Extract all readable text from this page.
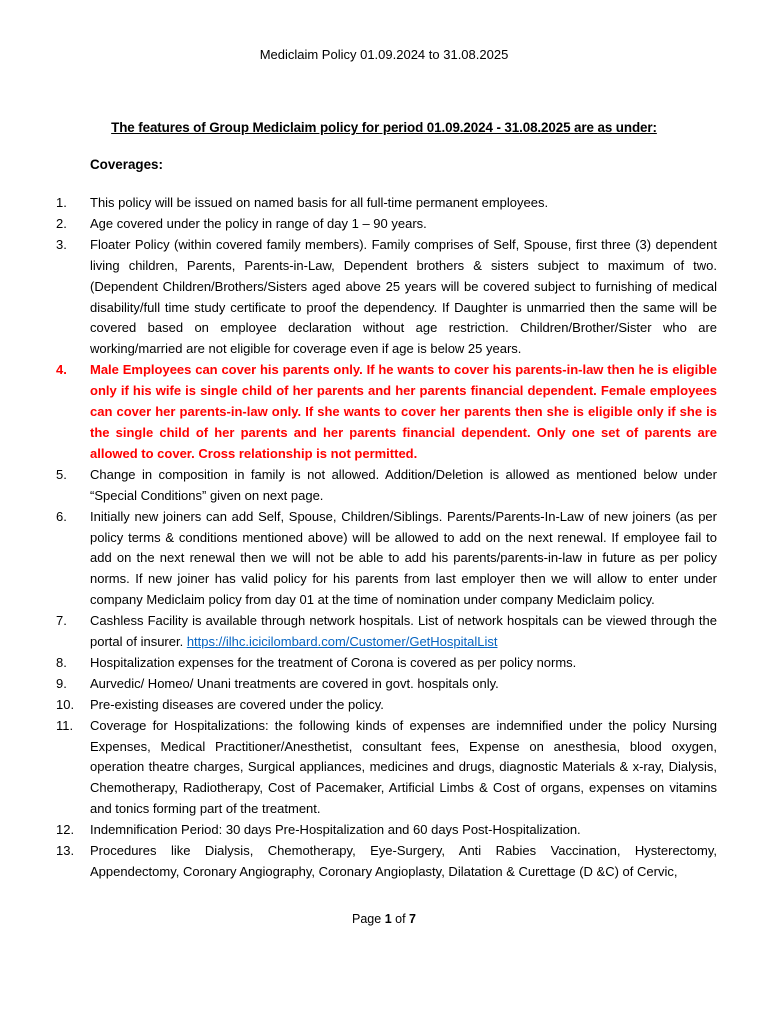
Mediclaim Policy 01.09.2024 to 31.08.2025
The features of Group Mediclaim policy for period 01.09.2024 - 31.08.2025 are as under:
Coverages:
1. This policy will be issued on named basis for all full-time permanent employees.
2. Age covered under the policy in range of day 1 – 90 years.
3. Floater Policy (within covered family members). Family comprises of Self, Spouse, first three (3) dependent living children, Parents, Parents-in-Law, Dependent brothers & sisters subject to maximum of two. (Dependent Children/Brothers/Sisters aged above 25 years will be covered subject to furnishing of medical disability/full time study certificate to proof the dependency. If Daughter is unmarried then the same will be covered based on employee declaration without age restriction. Children/Brother/Sister who are working/married are not eligible for coverage even if age is below 25 years.
4. Male Employees can cover his parents only. If he wants to cover his parents-in-law then he is eligible only if his wife is single child of her parents and her parents financial dependent. Female employees can cover her parents-in-law only. If she wants to cover her parents then she is eligible only if she is the single child of her parents and her parents financial dependent. Only one set of parents are allowed to cover. Cross relationship is not permitted.
5. Change in composition in family is not allowed. Addition/Deletion is allowed as mentioned below under “Special Conditions” given on next page.
6. Initially new joiners can add Self, Spouse, Children/Siblings. Parents/Parents-In-Law of new joiners (as per policy terms & conditions mentioned above) will be allowed to add on the next renewal. If employee fail to add on the next renewal then we will not be able to add his parents/parents-in-law in future as per policy norms. If new joiner has valid policy for his parents from last employer then we will allow to enter under company Mediclaim policy from day 01 at the time of nomination under company Mediclaim policy.
7. Cashless Facility is available through network hospitals. List of network hospitals can be viewed through the portal of insurer. https://ilhc.icicilombard.com/Customer/GetHospitalList
8. Hospitalization expenses for the treatment of Corona is covered as per policy norms.
9. Aurvedic/ Homeo/ Unani treatments are covered in govt. hospitals only.
10. Pre-existing diseases are covered under the policy.
11. Coverage for Hospitalizations: the following kinds of expenses are indemnified under the policy Nursing Expenses, Medical Practitioner/Anesthetist, consultant fees, Expense on anesthesia, blood oxygen, operation theatre charges, Surgical appliances, medicines and drugs, diagnostic Materials & x-ray, Dialysis, Chemotherapy, Radiotherapy, Cost of Pacemaker, Artificial Limbs & Cost of organs, expenses on vitamins and tonics forming part of the treatment.
12. Indemnification Period: 30 days Pre-Hospitalization and 60 days Post-Hospitalization.
13. Procedures like Dialysis, Chemotherapy, Eye-Surgery, Anti Rabies Vaccination, Hysterectomy, Appendectomy, Coronary Angiography, Coronary Angioplasty, Dilatation & Curettage (D &C) of Cervic,
Page 1 of 7
